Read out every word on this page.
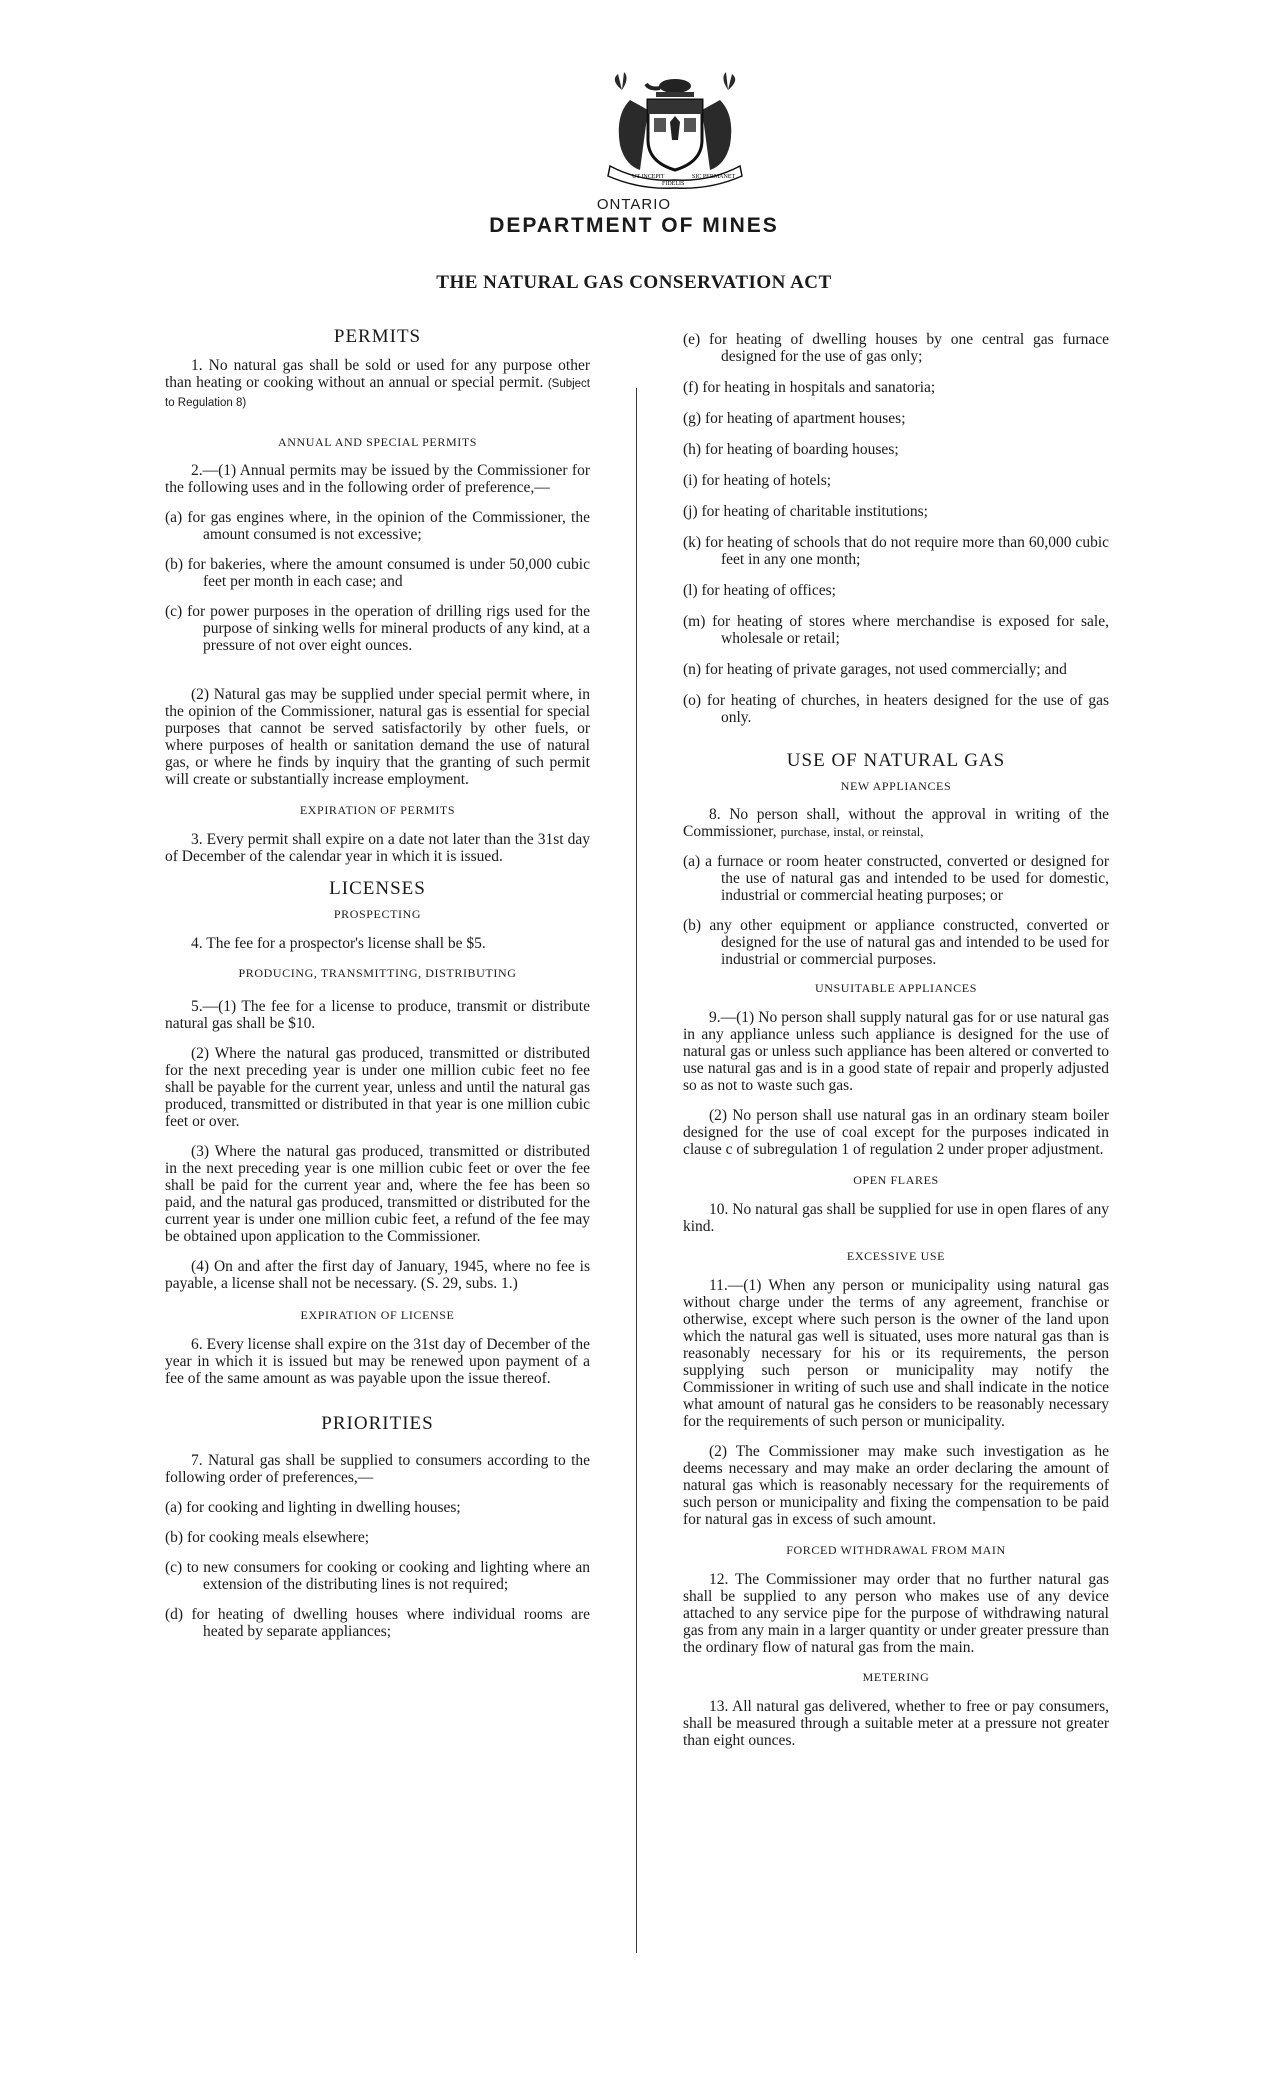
UT INCEPIT
FIDELIS
SIC PERMANET
ONTARIO
DEPARTMENT OF MINES
THE NATURAL GAS CONSERVATION ACT

PERMITS

1. No natural gas shall be sold or used for any purpose other than heating or cooking without an annual or special permit. (Subject to Regulation 8)

ANNUAL AND SPECIAL PERMITS

2.—(1) Annual permits may be issued by the Commissioner for the following uses and in the following order of preference,—

(a) for gas engines where, in the opinion of the Commissioner, the amount consumed is not excessive;

(b) for bakeries, where the amount consumed is under 50,000 cubic feet per month in each case; and

(c) for power purposes in the operation of drilling rigs used for the purpose of sinking wells for mineral products of any kind, at a pressure of not over eight ounces.

(2) Natural gas may be supplied under special permit where, in the opinion of the Commissioner, natural gas is essential for special purposes that cannot be served satisfactorily by other fuels, or where purposes of health or sanitation demand the use of natural gas, or where he finds by inquiry that the granting of such permit will create or substantially increase employment.

EXPIRATION OF PERMITS

3. Every permit shall expire on a date not later than the 31st day of December of the calendar year in which it is issued.

LICENSES

PROSPECTING

4. The fee for a prospector's license shall be $5.

PRODUCING, TRANSMITTING, DISTRIBUTING

5.—(1) The fee for a license to produce, transmit or distribute natural gas shall be $10.

(2) Where the natural gas produced, transmitted or distributed for the next preceding year is under one million cubic feet no fee shall be payable for the current year, unless and until the natural gas produced, transmitted or distributed in that year is one million cubic feet or over.

(3) Where the natural gas produced, transmitted or distributed in the next preceding year is one million cubic feet or over the fee shall be paid for the current year and, where the fee has been so paid, and the natural gas produced, transmitted or distributed for the current year is under one million cubic feet, a refund of the fee may be obtained upon application to the Commissioner.

(4) On and after the first day of January, 1945, where no fee is payable, a license shall not be necessary. (S. 29, subs. 1.)

EXPIRATION OF LICENSE

6. Every license shall expire on the 31st day of December of the year in which it is issued but may be renewed upon payment of a fee of the same amount as was payable upon the issue thereof.

PRIORITIES

7. Natural gas shall be supplied to consumers according to the following order of preferences,—

(a) for cooking and lighting in dwelling houses;

(b) for cooking meals elsewhere;

(c) to new consumers for cooking or cooking and lighting where an extension of the distributing lines is not required;

(d) for heating of dwelling houses where individual rooms are heated by separate appliances;

(e) for heating of dwelling houses by one central gas furnace designed for the use of gas only;

(f) for heating in hospitals and sanatoria;

(g) for heating of apartment houses;

(h) for heating of boarding houses;

(i) for heating of hotels;

(j) for heating of charitable institutions;

(k) for heating of schools that do not require more than 60,000 cubic feet in any one month;

(l) for heating of offices;

(m) for heating of stores where merchandise is exposed for sale, wholesale or retail;

(n) for heating of private garages, not used commercially; and

(o) for heating of churches, in heaters designed for the use of gas only.

USE OF NATURAL GAS

NEW APPLIANCES

8. No person shall, without the approval in writing of the Commissioner, purchase, instal, or reinstal,

(a) a furnace or room heater constructed, converted or designed for the use of natural gas and intended to be used for domestic, industrial or commercial heating purposes; or

(b) any other equipment or appliance constructed, converted or designed for the use of natural gas and intended to be used for industrial or commercial purposes.

UNSUITABLE APPLIANCES

9.—(1) No person shall supply natural gas for or use natural gas in any appliance unless such appliance is designed for the use of natural gas or unless such appliance has been altered or converted to use natural gas and is in a good state of repair and properly adjusted so as not to waste such gas.

(2) No person shall use natural gas in an ordinary steam boiler designed for the use of coal except for the purposes indicated in clause c of subregulation 1 of regulation 2 under proper adjustment.

OPEN FLARES

10. No natural gas shall be supplied for use in open flares of any kind.

EXCESSIVE USE

11.—(1) When any person or municipality using natural gas without charge under the terms of any agreement, franchise or otherwise, except where such person is the owner of the land upon which the natural gas well is situated, uses more natural gas than is reasonably necessary for his or its requirements, the person supplying such person or municipality may notify the Commissioner in writing of such use and shall indicate in the notice what amount of natural gas he considers to be reasonably necessary for the requirements of such person or municipality.

(2) The Commissioner may make such investigation as he deems necessary and may make an order declaring the amount of natural gas which is reasonably necessary for the requirements of such person or municipality and fixing the compensation to be paid for natural gas in excess of such amount.

FORCED WITHDRAWAL FROM MAIN

12. The Commissioner may order that no further natural gas shall be supplied to any person who makes use of any device attached to any service pipe for the purpose of withdrawing natural gas from any main in a larger quantity or under greater pressure than the ordinary flow of natural gas from the main.

METERING

13. All natural gas delivered, whether to free or pay consumers, shall be measured through a suitable meter at a pressure not greater than eight ounces.
